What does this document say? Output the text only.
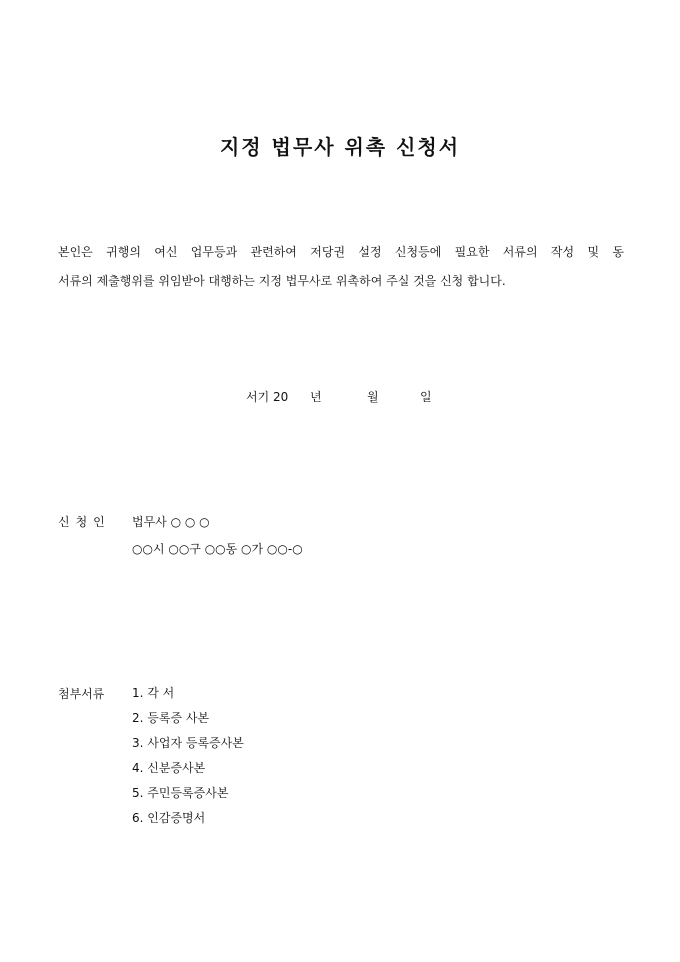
지정 법무사 위촉 신청서

본인은 귀행의 여신 업무등과 관련하여 저당권 설정 신청등에 필요한 서류의 작성 및 동

서류의 제출행위를 위임받아 대행하는 지정 법무사로 위촉하여 주실 것을 신청 합니다.

서기 20 년	월	일
신청인 법무사 ○ ○ ○
○○시 ○○구 ○○동 ○가 ○○-○
첨부서류 1. 각 서
2. 등록증 사본
3. 사업자 등록증사본
4. 신분증사본
5. 주민등록증사본
6. 인감증명서
